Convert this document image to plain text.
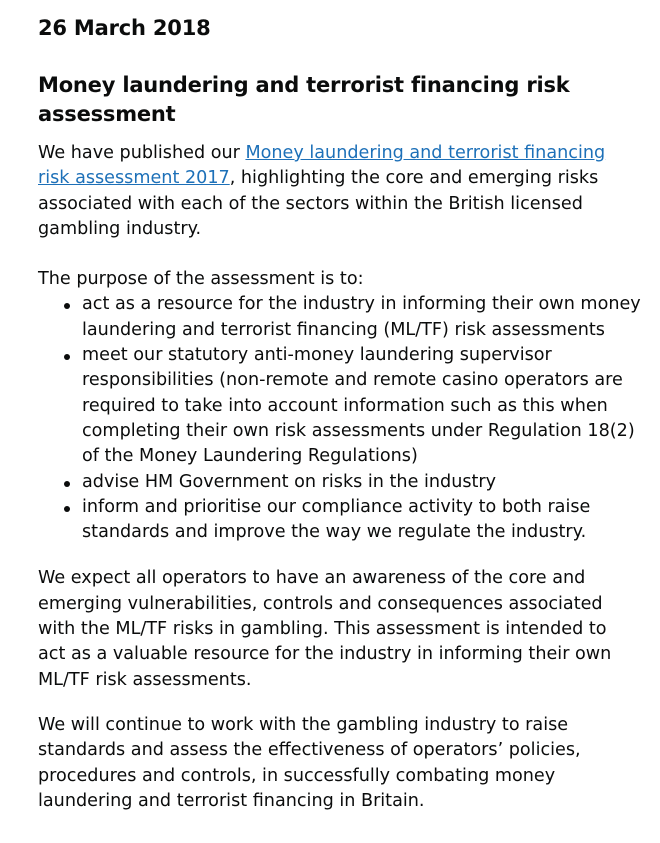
26 March 2018
Money laundering and terrorist financing risk assessment

We have published our Money laundering and terrorist financing risk assessment 2017, highlighting the core and emerging risks associated with each of the sectors within the British licensed gambling industry.

The purpose of the assessment is to:

act as a resource for the industry in informing their own money laundering and terrorist financing (ML/TF) risk assessments
meet our statutory anti-money laundering supervisor responsibilities (non-remote and remote casino operators are required to take into account information such as this when completing their own risk assessments under Regulation 18(2) of the Money Laundering Regulations)
advise HM Government on risks in the industry
inform and prioritise our compliance activity to both raise standards and improve the way we regulate the industry.

We expect all operators to have an awareness of the core and emerging vulnerabilities, controls and consequences associated with the ML/TF risks in gambling. This assessment is intended to act as a valuable resource for the industry in informing their own ML/TF risk assessments.

We will continue to work with the gambling industry to raise standards and assess the effectiveness of operators’ policies, procedures and controls, in successfully combating money laundering and terrorist financing in Britain.
